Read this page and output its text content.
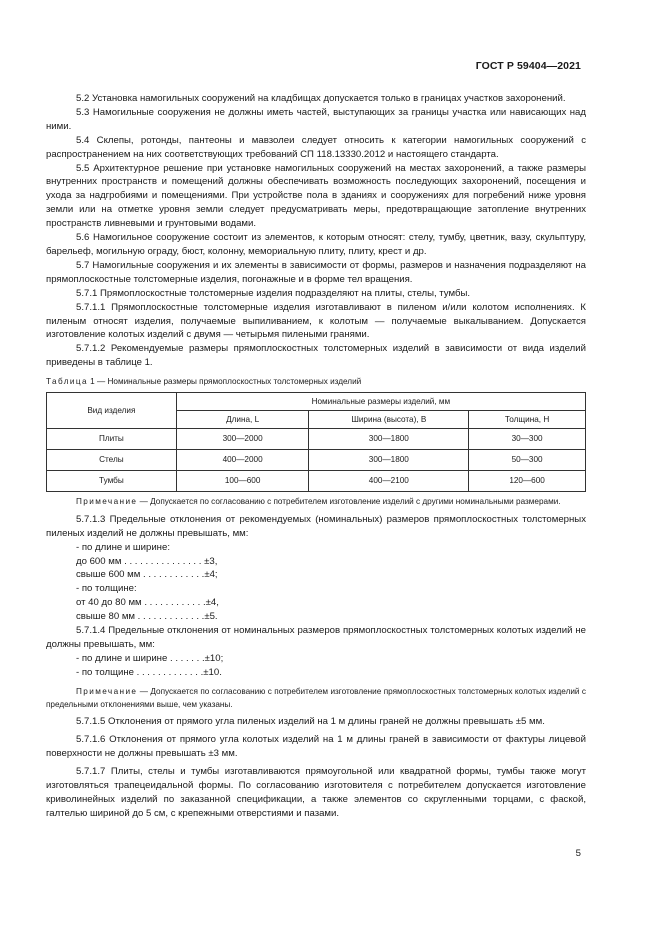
ГОСТ Р 59404—2021

5.2 Установка намогильных сооружений на кладбищах допускается только в границах участков захоронений.

5.3 Намогильные сооружения не должны иметь частей, выступающих за границы участка или нависающих над ними.

5.4 Склепы, ротонды, пантеоны и мавзолеи следует относить к категории намогильных сооружений с распространением на них соответствующих требований СП 118.13330.2012 и настоящего стандарта.

5.5 Архитектурное решение при установке намогильных сооружений на местах захоронений, а также размеры внутренних пространств и помещений должны обеспечивать возможность последующих захоронений, посещения и ухода за надгробиями и помещениями. При устройстве пола в зданиях и сооружениях для погребений ниже уровня земли или на отметке уровня земли следует предусматривать меры, предотвращающие затопление внутренних пространств ливневыми и грунтовыми водами.

5.6 Намогильное сооружение состоит из элементов, к которым относят: стелу, тумбу, цветник, вазу, скульптуру, барельеф, могильную ограду, бюст, колонну, мемориальную плиту, плиту, крест и др.

5.7 Намогильные сооружения и их элементы в зависимости от формы, размеров и назначения подразделяют на прямоплоскостные толстомерные изделия, погонажные и в форме тел вращения.

5.7.1 Прямоплоскостные толстомерные изделия подразделяют на плиты, стелы, тумбы.

5.7.1.1 Прямоплоскостные толстомерные изделия изготавливают в пиленом и/или колотом исполнениях. К пиленым относят изделия, получаемые выпиливанием, к колотым — получаемые выкалыванием. Допускается изготовление колотых изделий с двумя — четырьмя пилеными гранями.

5.7.1.2 Рекомендуемые размеры прямоплоскостных толстомерных изделий в зависимости от вида изделий приведены в таблице 1.

Таблица 1 — Номинальные размеры прямоплоскостных толстомерных изделий
Вид изделия	Номинальные размеры изделий, мм		
	Длина, L	Ширина (высота), B	Толщина, H
Плиты	300—2000	300—1800	30—300
Стелы	400—2000	300—1800	50—300
Тумбы	100—600	400—2100	120—600

Примечание — Допускается по согласованию с потребителем изготовление изделий с другими номинальными размерами.

5.7.1.3 Предельные отклонения от рекомендуемых (номинальных) размеров прямоплоскостных толстомерных пиленых изделий не должны превышать, мм:

- по длине и ширине:

до 600 мм . . . . . . . . . . . . . . . ±3,

свыше 600 мм . . . . . . . . . . . .±4;

- по толщине:

от 40 до 80 мм . . . . . . . . . . . .±4,

свыше 80 мм . . . . . . . . . . . . .±5.

5.7.1.4 Предельные отклонения от номинальных размеров прямоплоскостных толстомерных колотых изделий не должны превышать, мм:

- по длине и ширине . . . . . . .±10;

- по толщине . . . . . . . . . . . . .±10.

Примечание — Допускается по согласованию с потребителем изготовление прямоплоскостных толстомерных колотых изделий с предельными отклонениями выше, чем указаны.

5.7.1.5 Отклонения от прямого угла пиленых изделий на 1 м длины граней не должны превышать ±5 мм.

5.7.1.6 Отклонения от прямого угла колотых изделий на 1 м длины граней в зависимости от фактуры лицевой поверхности не должны превышать ±3 мм.

5.7.1.7 Плиты, стелы и тумбы изготавливаются прямоугольной или квадратной формы, тумбы также могут изготовляться трапецеидальной формы. По согласованию изготовителя с потребителем допускается изготовление криволинейных изделий по заказанной спецификации, а также элементов со скругленными торцами, с фаской, галтелью шириной до 5 см, с крепежными отверстиями и пазами.

5
